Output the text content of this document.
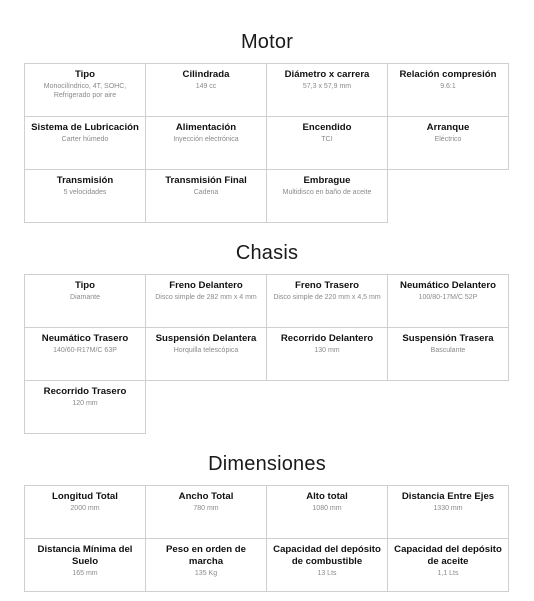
Motor
Tipo
Monocilíndrico, 4T, SOHC, Refrigerado por aire
Cilindrada
149 cc
Diámetro x carrera
57,3 x 57,9 mm
Relación compresión
9.6:1
Sistema de Lubricación
Carter húmedo
Alimentación
Inyección electrónica
Encendido
TCI
Arranque
Eléctrico
Transmisión
5 velocidades
Transmisión Final
Cadena
Embrague
Multidisco en baño de aceite
Chasis
Tipo
Diamante
Freno Delantero
Disco simple de 282 mm x 4 mm
Freno Trasero
Disco simple de 220 mm x 4,5 mm
Neumático Delantero
100/80-17M/C 52P
Neumático Trasero
140/60-R17M/C 63P
Suspensión Delantera
Horquilla telescópica
Recorrido Delantero
130 mm
Suspensión Trasera
Basculante
Recorrido Trasero
120 mm
Dimensiones
Longitud Total
2000 mm
Ancho Total
780 mm
Alto total
1080 mm
Distancia Entre Ejes
1330 mm
Distancia Mínima del Suelo
165 mm
Peso en orden de marcha
135 Kg
Capacidad del depósito de combustible
13 Lts
Capacidad del depósito de aceite
1,1 Lts
